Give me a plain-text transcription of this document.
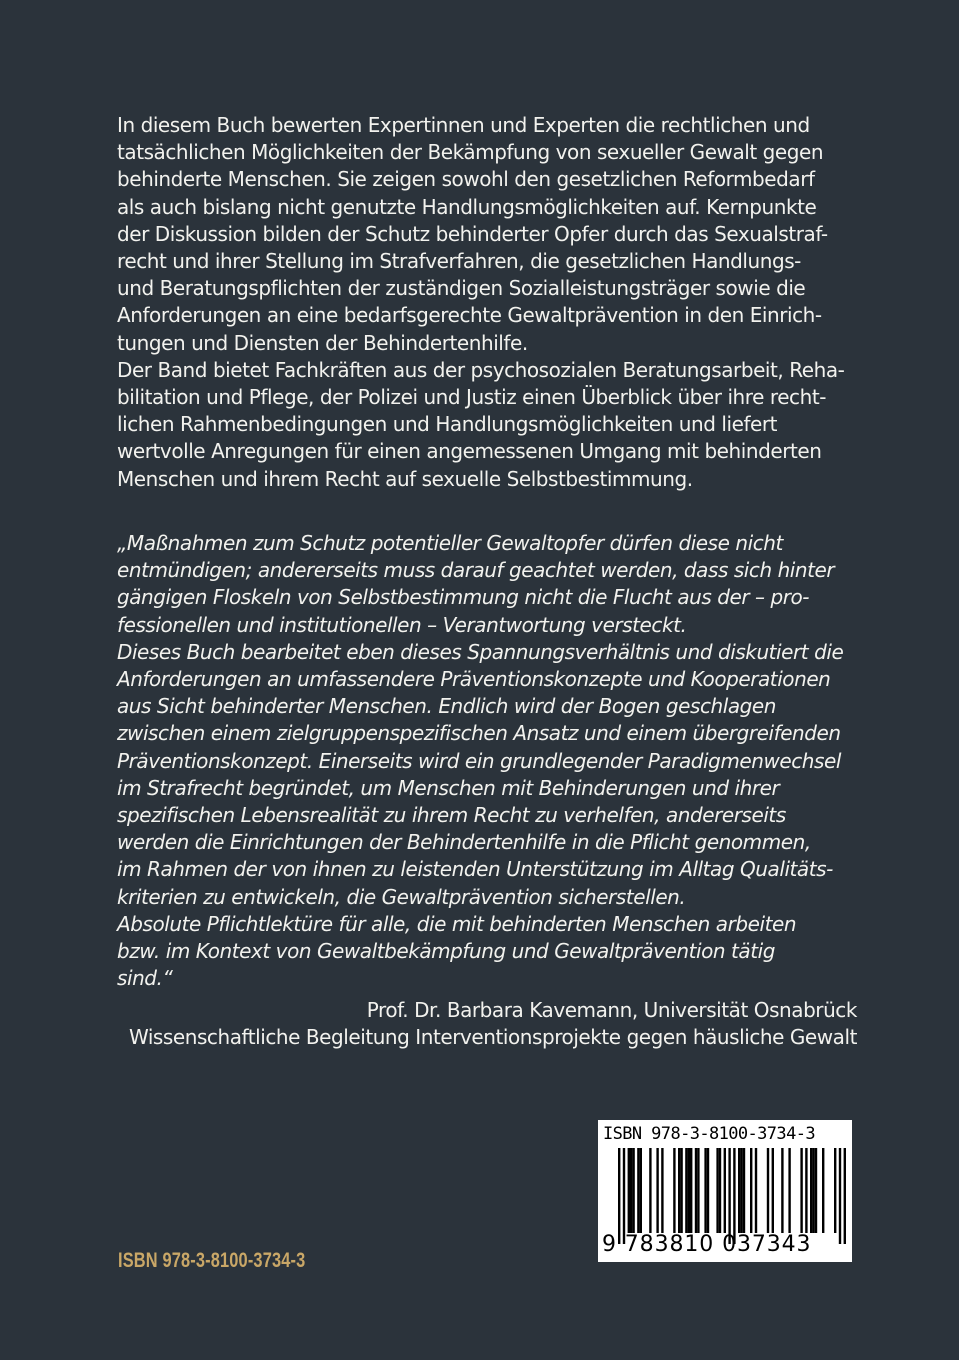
In diesem Buch bewerten Expertinnen und Experten die rechtlichen und
tatsächlichen Möglichkeiten der Bekämpfung von sexueller Gewalt gegen
behinderte Menschen. Sie zeigen sowohl den gesetzlichen Reformbedarf
als auch bislang nicht genutzte Handlungsmöglichkeiten auf. Kernpunkte
der Diskussion bilden der Schutz behinderter Opfer durch das Sexualstraf-
recht und ihrer Stellung im Strafverfahren, die gesetzlichen Handlungs-
und Beratungspflichten der zuständigen Sozialleistungsträger sowie die
Anforderungen an eine bedarfsgerechte Gewaltprävention in den Einrich-
tungen und Diensten der Behindertenhilfe.
Der Band bietet Fachkräften aus der psychosozialen Beratungsarbeit, Reha-
bilitation und Pflege, der Polizei und Justiz einen Überblick über ihre recht-
lichen Rahmenbedingungen und Handlungsmöglichkeiten und liefert
wertvolle Anregungen für einen angemessenen Umgang mit behinderten
Menschen und ihrem Recht auf sexuelle Selbstbestimmung.
„Maßnahmen zum Schutz potentieller Gewaltopfer dürfen diese nicht
entmündigen; andererseits muss darauf geachtet werden, dass sich hinter
gängigen Floskeln von Selbstbestimmung nicht die Flucht aus der – pro-
fessionellen und institutionellen – Verantwortung versteckt.
Dieses Buch bearbeitet eben dieses Spannungsverhältnis und diskutiert die
Anforderungen an umfassendere Präventionskonzepte und Kooperationen
aus Sicht behinderter Menschen. Endlich wird der Bogen geschlagen
zwischen einem zielgruppenspezifischen Ansatz und einem übergreifenden
Präventionskonzept. Einerseits wird ein grundlegender Paradigmenwechsel
im Strafrecht begründet, um Menschen mit Behinderungen und ihrer
spezifischen Lebensrealität zu ihrem Recht zu verhelfen, andererseits
werden die Einrichtungen der Behindertenhilfe in die Pflicht genommen,
im Rahmen der von ihnen zu leistenden Unterstützung im Alltag Qualitäts-
kriterien zu entwickeln, die Gewaltprävention sicherstellen.
Absolute Pflichtlektüre für alle, die mit behinderten Menschen arbeiten
bzw. im Kontext von Gewaltbekämpfung und Gewaltprävention tätig
sind.“
Prof. Dr. Barbara Kavemann, Universität Osnabrück
Wissenschaftliche Begleitung Interventionsprojekte gegen häusliche Gewalt
ISBN 978-3-8100-3734-3
ISBN 978-3-8100-3734-3
9 783810 037343
